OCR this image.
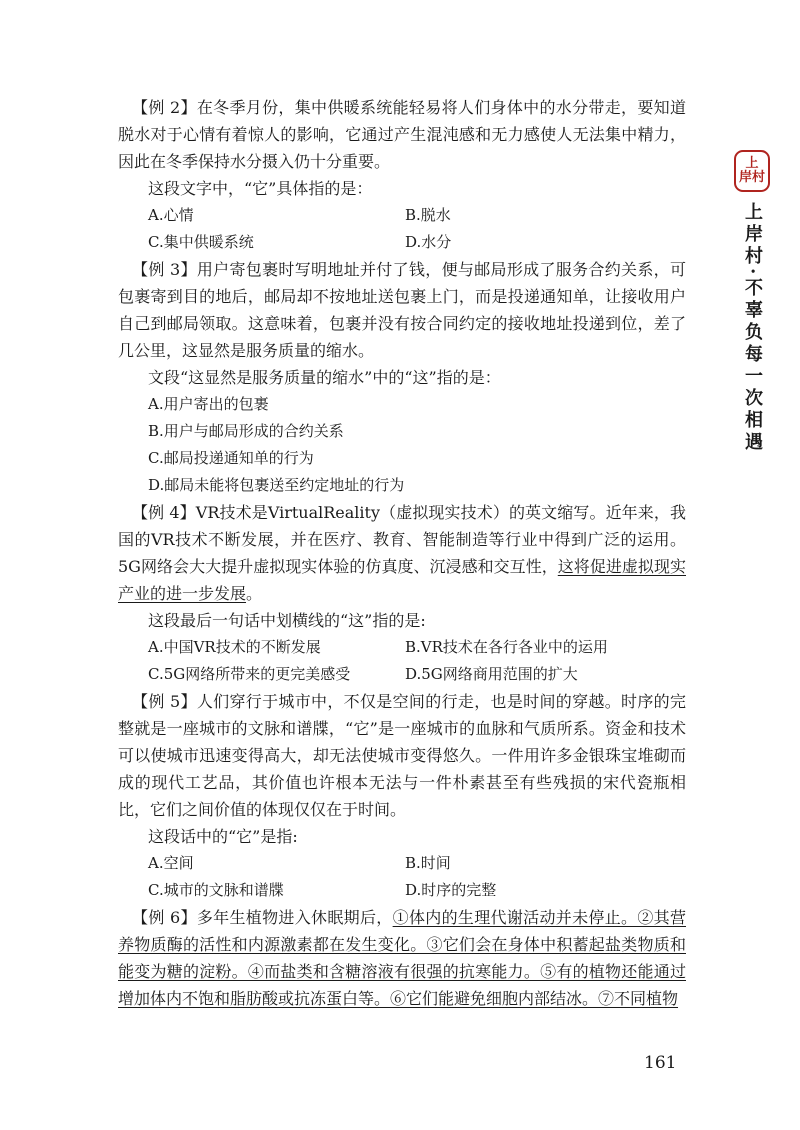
上
岸村
上岸村·不辜负每一次相遇

【例 2】在冬季月份，集中供暖系统能轻易将人们身体中的水分带走，要知道脱水对于心情有着惊人的影响，它通过产生混沌感和无力感使人无法集中精力，因此在冬季保持水分摄入仍十分重要。

这段文字中，“它”具体指的是：

A.心情	B.脱水
C.集中供暖系统	D.水分

【例 3】用户寄包裹时写明地址并付了钱，便与邮局形成了服务合约关系，可包裹寄到目的地后，邮局却不按地址送包裹上门，而是投递通知单，让接收用户自己到邮局领取。这意味着，包裹并没有按合同约定的接收地址投递到位，差了几公里，这显然是服务质量的缩水。

文段“这显然是服务质量的缩水”中的“这”指的是：

A.用户寄出的包裹
B.用户与邮局形成的合约关系
C.邮局投递通知单的行为
D.邮局未能将包裹送至约定地址的行为

【例 4】VR技术是VirtualReality（虚拟现实技术）的英文缩写。近年来，我国的VR技术不断发展，并在医疗、教育、智能制造等行业中得到广泛的运用。5G网络会大大提升虚拟现实体验的仿真度、沉浸感和交互性，这将促进虚拟现实产业的进一步发展。

这段最后一句话中划横线的“这”指的是:

A.中国VR技术的不断发展	B.VR技术在各行各业中的运用
C.5G网络所带来的更完美感受	D.5G网络商用范围的扩大

【例 5】人们穿行于城市中，不仅是空间的行走，也是时间的穿越。时序的完整就是一座城市的文脉和谱牒，“它”是一座城市的血脉和气质所系。资金和技术可以使城市迅速变得高大，却无法使城市变得悠久。一件用许多金银珠宝堆砌而成的现代工艺品，其价值也许根本无法与一件朴素甚至有些残损的宋代瓷瓶相比，它们之间价值的体现仅仅在于时间。

这段话中的“它”是指:

A.空间	B.时间
C.城市的文脉和谱牒	D.时序的完整

【例 6】多年生植物进入休眠期后，①体内的生理代谢活动并未停止。②其营养物质酶的活性和内源激素都在发生变化。③它们会在身体中积蓄起盐类物质和能变为糖的淀粉。④而盐类和含糖溶液有很强的抗寒能力。⑤有的植物还能通过增加体内不饱和脂肪酸或抗冻蛋白等。⑥它们能避免细胞内部结冰。⑦不同植物

161
